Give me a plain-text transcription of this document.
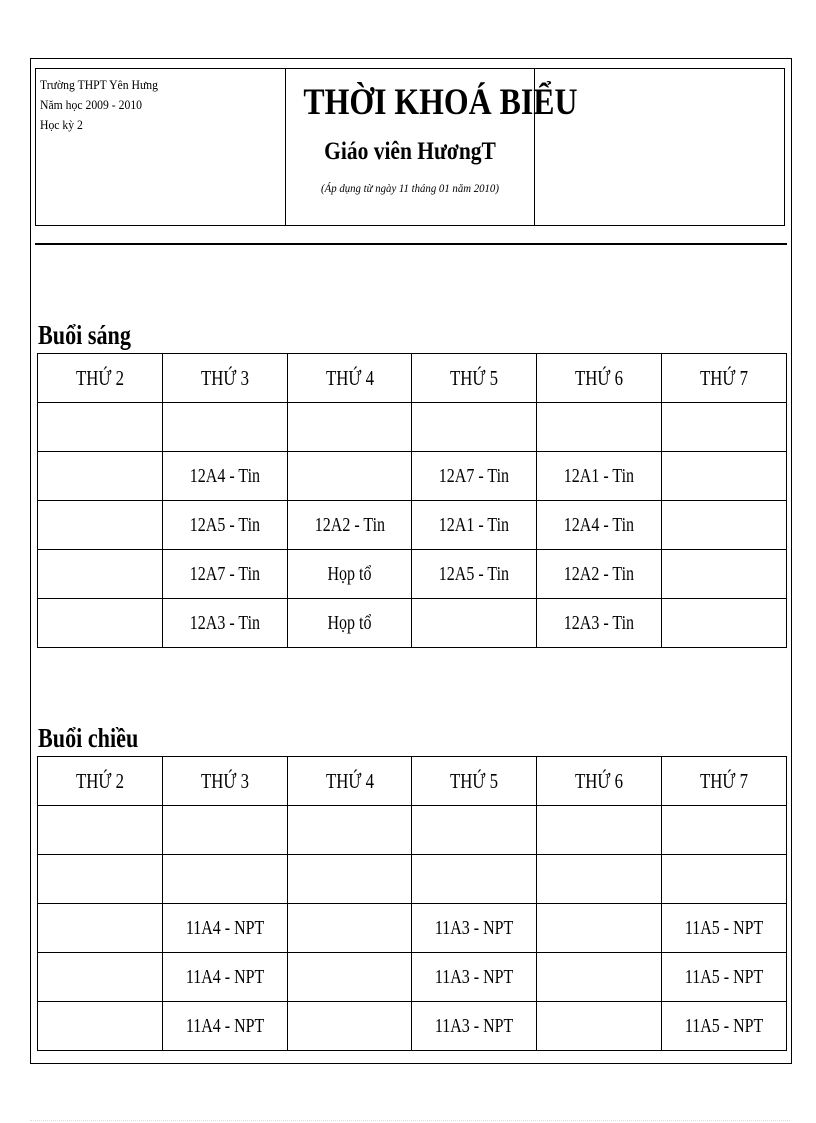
Trường THPT Yên Hưng
Năm học 2009 - 2010
Học kỳ 2
THỜI KHOÁ BIỂU
Giáo viên HươngT
(Áp dụng từ ngày 11 tháng 01 năm 2010)
Buổi sáng
THỨ 2	THỨ 3	THỨ 4	THỨ 5	THỨ 6	THỨ 7

	12A4 - Tin		12A7 - Tin	12A1 - Tin	
	12A5 - Tin	12A2 - Tin	12A1 - Tin	12A4 - Tin	
	12A7 - Tin	Họp tổ	12A5 - Tin	12A2 - Tin	
	12A3 - Tin	Họp tổ		12A3 - Tin	
Buổi chiều
THỨ 2	THỨ 3	THỨ 4	THỨ 5	THỨ 6	THỨ 7

	11A4 - NPT		11A3 - NPT		11A5 - NPT
	11A4 - NPT		11A3 - NPT		11A5 - NPT
	11A4 - NPT		11A3 - NPT		11A5 - NPT
